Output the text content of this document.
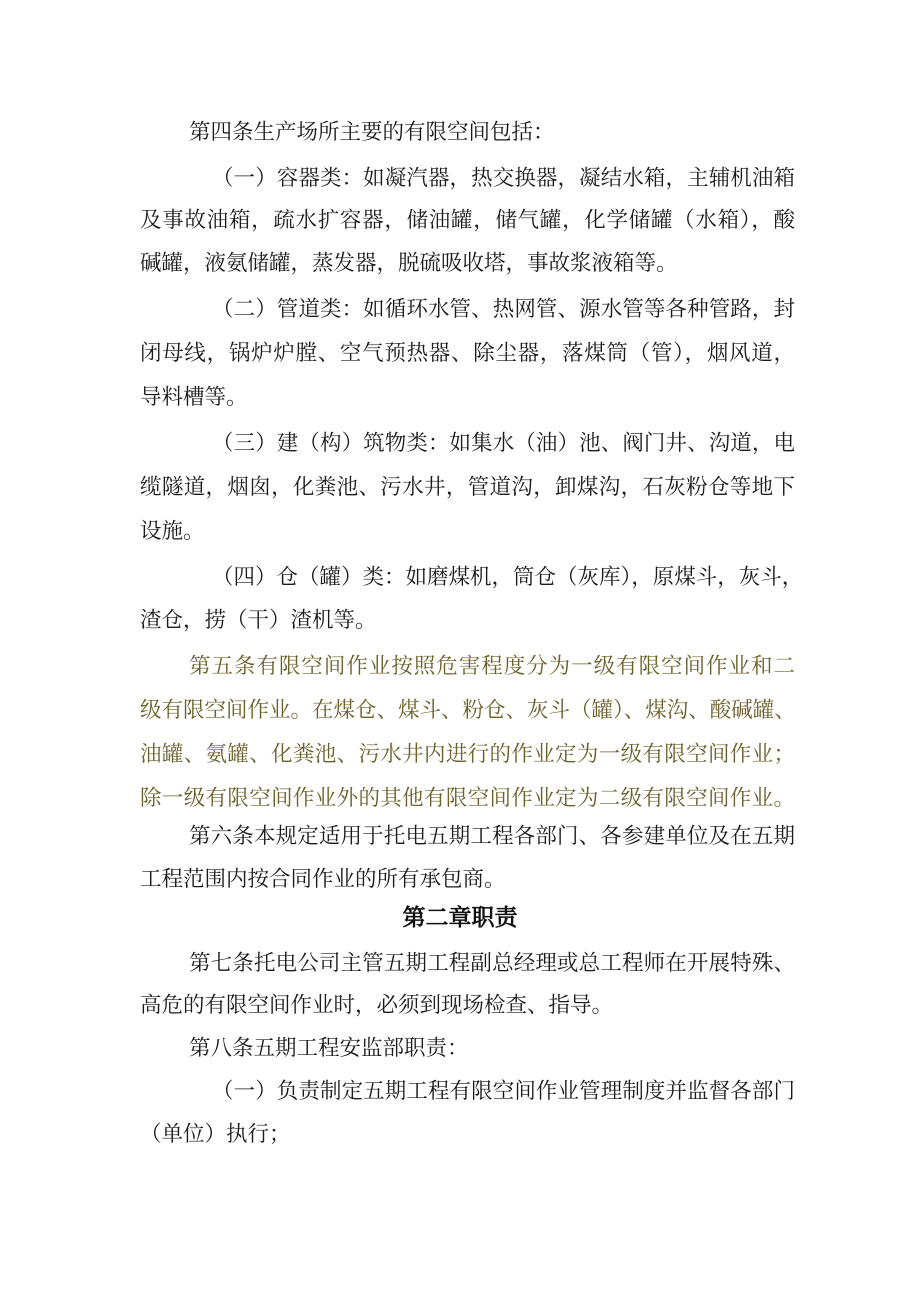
第四条生产场所主要的有限空间包括：
（一）容器类：如凝汽器，热交换器，凝结水箱，主辅机油箱
及事故油箱，疏水扩容器，储油罐，储气罐，化学储罐（水箱），酸
碱罐，液氨储罐，蒸发器，脱硫吸收塔，事故浆液箱等。
（二）管道类：如循环水管、热网管、源水管等各种管路，封
闭母线，锅炉炉膛、空气预热器、除尘器，落煤筒（管），烟风道，
导料槽等。
（三）建（构）筑物类：如集水（油）池、阀门井、沟道，电
缆隧道，烟囱，化粪池、污水井，管道沟，卸煤沟，石灰粉仓等地下
设施。
（四）仓（罐）类：如磨煤机，筒仓（灰库），原煤斗，灰斗，
渣仓，捞（干）渣机等。
第五条有限空间作业按照危害程度分为一级有限空间作业和二
级有限空间作业。在煤仓、煤斗、粉仓、灰斗（罐）、煤沟、酸碱罐、
油罐、氨罐、化粪池、污水井内进行的作业定为一级有限空间作业；
除一级有限空间作业外的其他有限空间作业定为二级有限空间作业。
第六条本规定适用于托电五期工程各部门、各参建单位及在五期
工程范围内按合同作业的所有承包商。
第二章职责
第七条托电公司主管五期工程副总经理或总工程师在开展特殊、
高危的有限空间作业时，必须到现场检查、指导。
第八条五期工程安监部职责：
（一）负责制定五期工程有限空间作业管理制度并监督各部门
（单位）执行；
